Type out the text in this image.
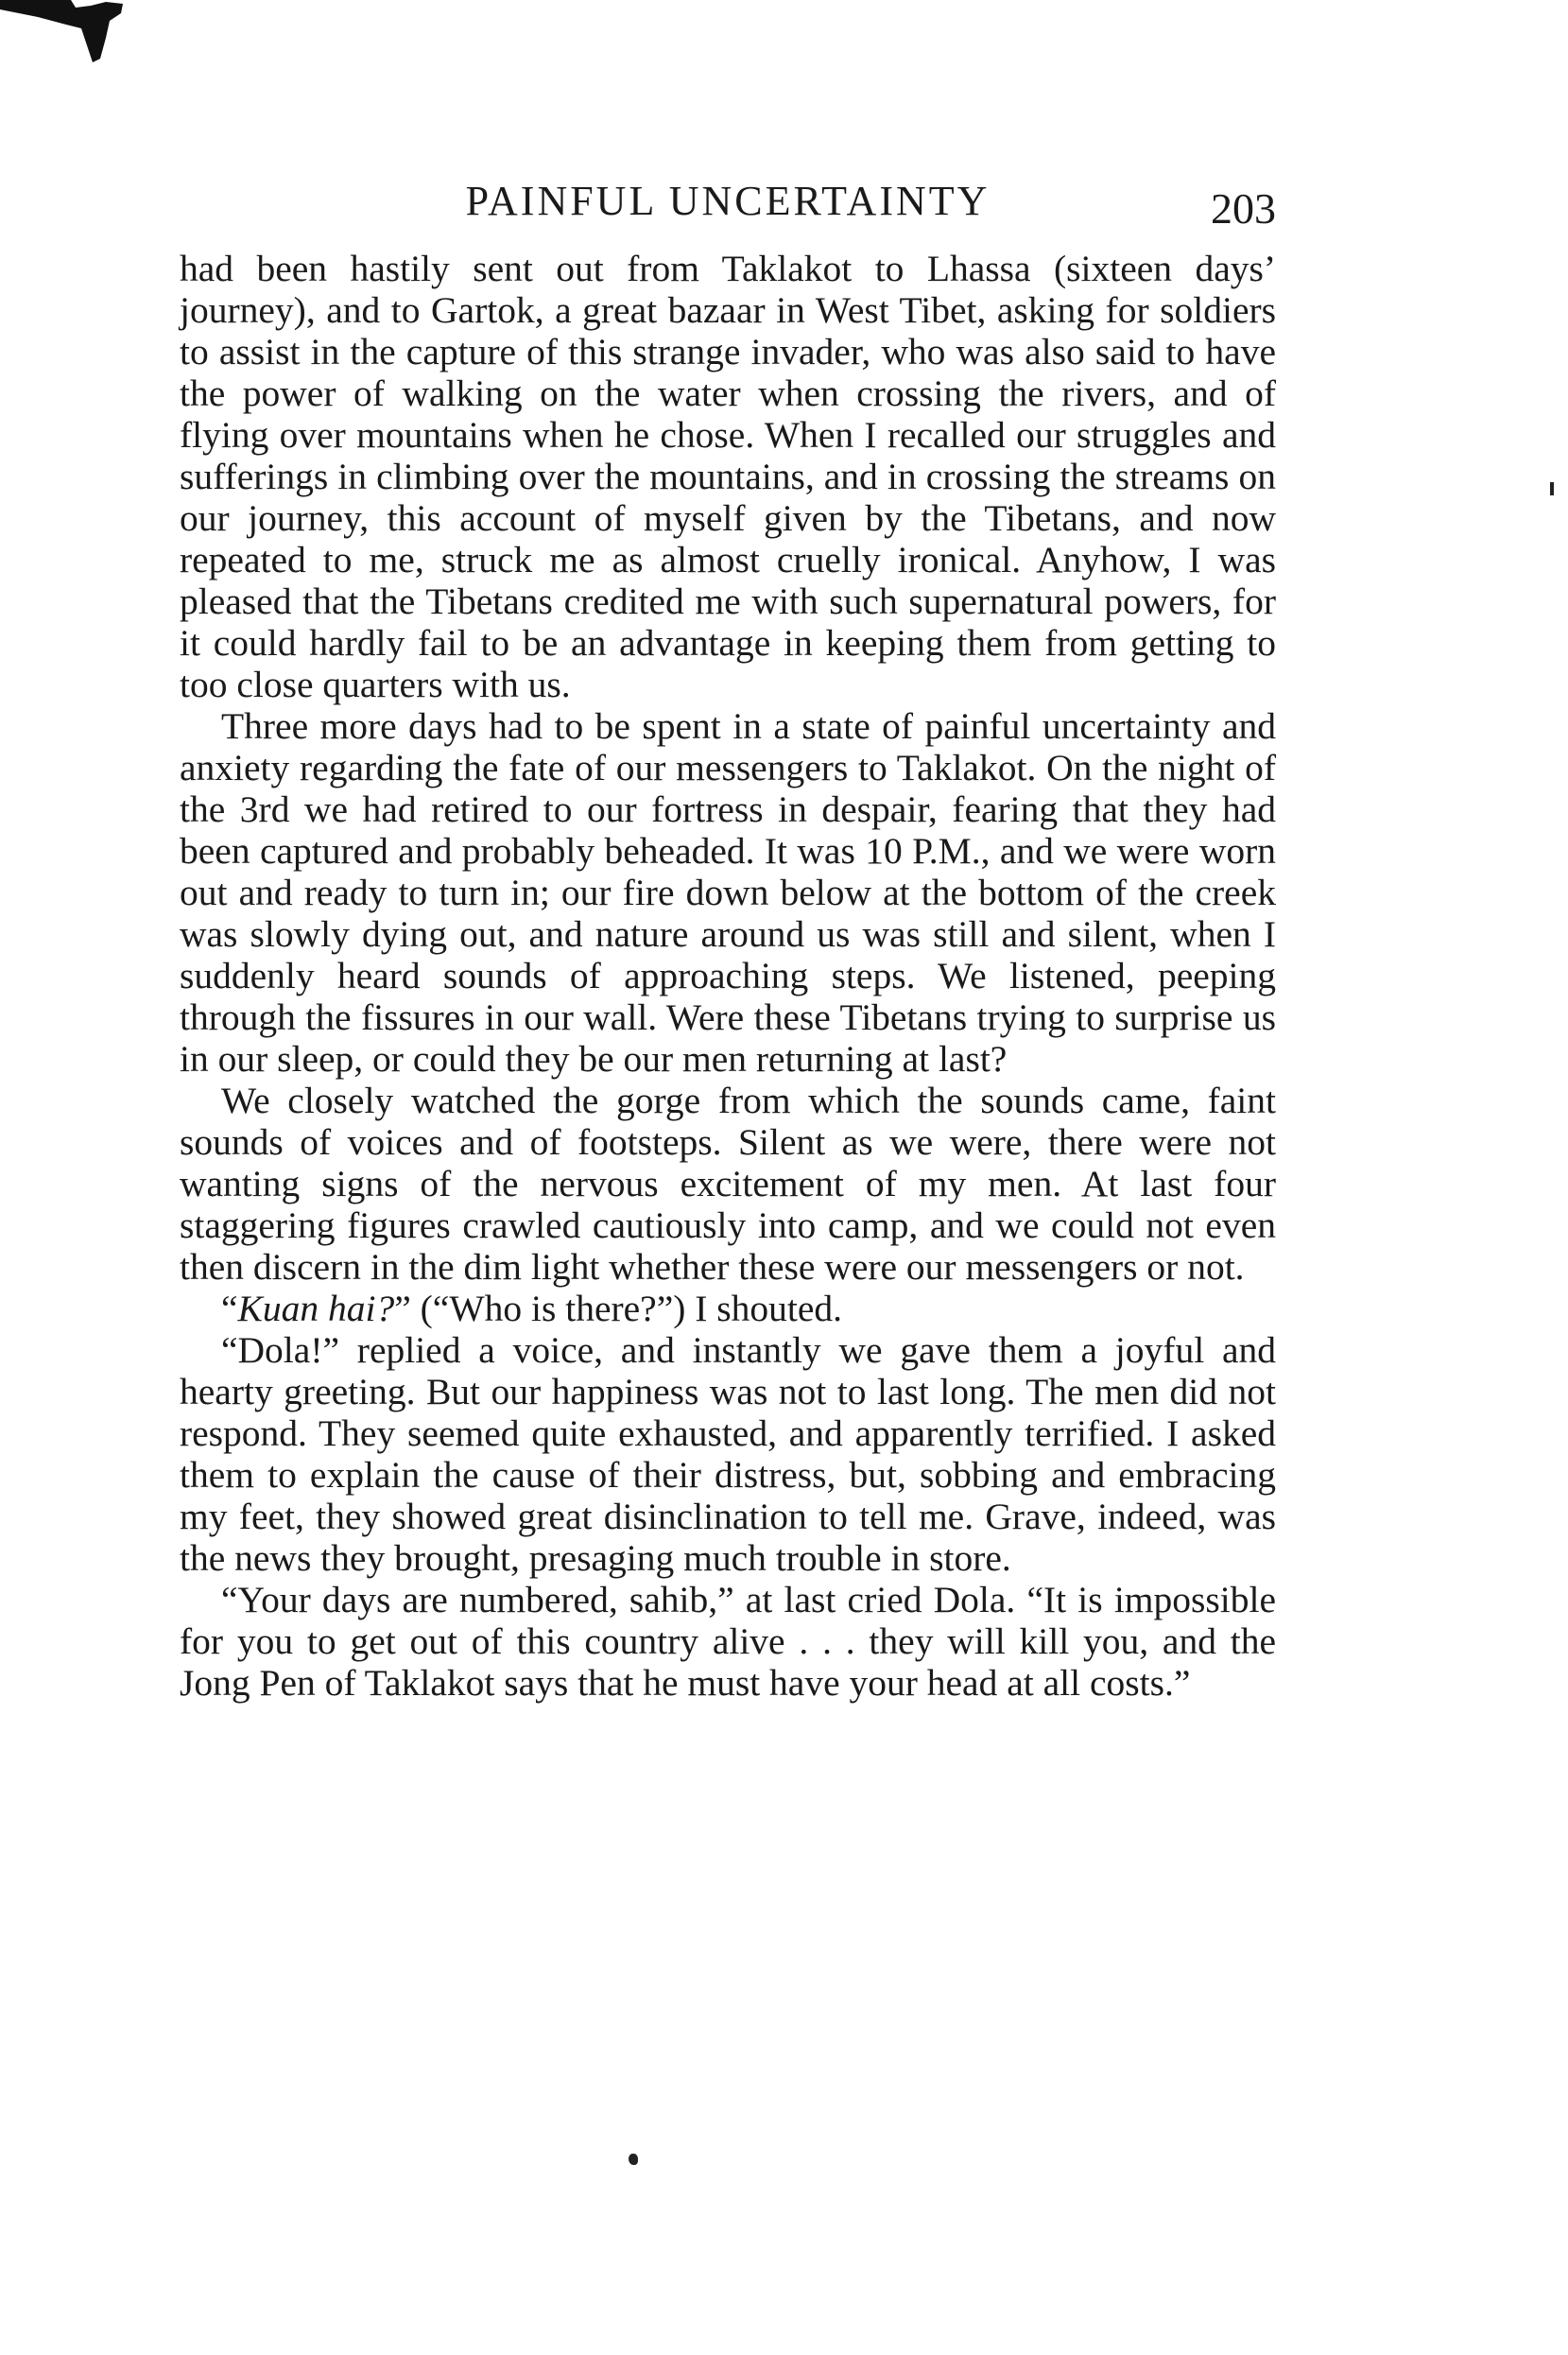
PAINFUL UNCERTAINTY	203

had been hastily sent out from Taklakot to Lhassa (sixteen days’ journey), and to Gartok, a great bazaar in West Tibet, asking for soldiers to assist in the capture of this strange invader, who was also said to have the power of walking on the water when crossing the rivers, and of flying over mountains when he chose. When I recalled our struggles and sufferings in climbing over the mountains, and in crossing the streams on our journey, this account of myself given by the Tibetans, and now repeated to me, struck me as almost cruelly ironical. Anyhow, I was pleased that the Tibetans credited me with such supernatural powers, for it could hardly fail to be an advantage in keeping them from getting to too close quarters with us.

Three more days had to be spent in a state of painful uncertainty and anxiety regarding the fate of our messengers to Taklakot. On the night of the 3rd we had retired to our fortress in despair, fearing that they had been captured and probably beheaded. It was 10 P.M., and we were worn out and ready to turn in; our fire down below at the bottom of the creek was slowly dying out, and nature around us was still and silent, when I suddenly heard sounds of approaching steps. We listened, peeping through the fissures in our wall. Were these Tibetans trying to surprise us in our sleep, or could they be our men returning at last?

We closely watched the gorge from which the sounds came, faint sounds of voices and of footsteps. Silent as we were, there were not wanting signs of the nervous excitement of my men. At last four staggering figures crawled cautiously into camp, and we could not even then discern in the dim light whether these were our messengers or not.

“Kuan hai?” (“Who is there?”) I shouted.

“Dola!” replied a voice, and instantly we gave them a joyful and hearty greeting. But our happiness was not to last long. The men did not respond. They seemed quite exhausted, and apparently terrified. I asked them to explain the cause of their distress, but, sobbing and embracing my feet, they showed great disinclination to tell me. Grave, indeed, was the news they brought, presaging much trouble in store.

“Your days are numbered, sahib,” at last cried Dola. “It is impossible for you to get out of this country alive . . . they will kill you, and the Jong Pen of Taklakot says that he must have your head at all costs.”
